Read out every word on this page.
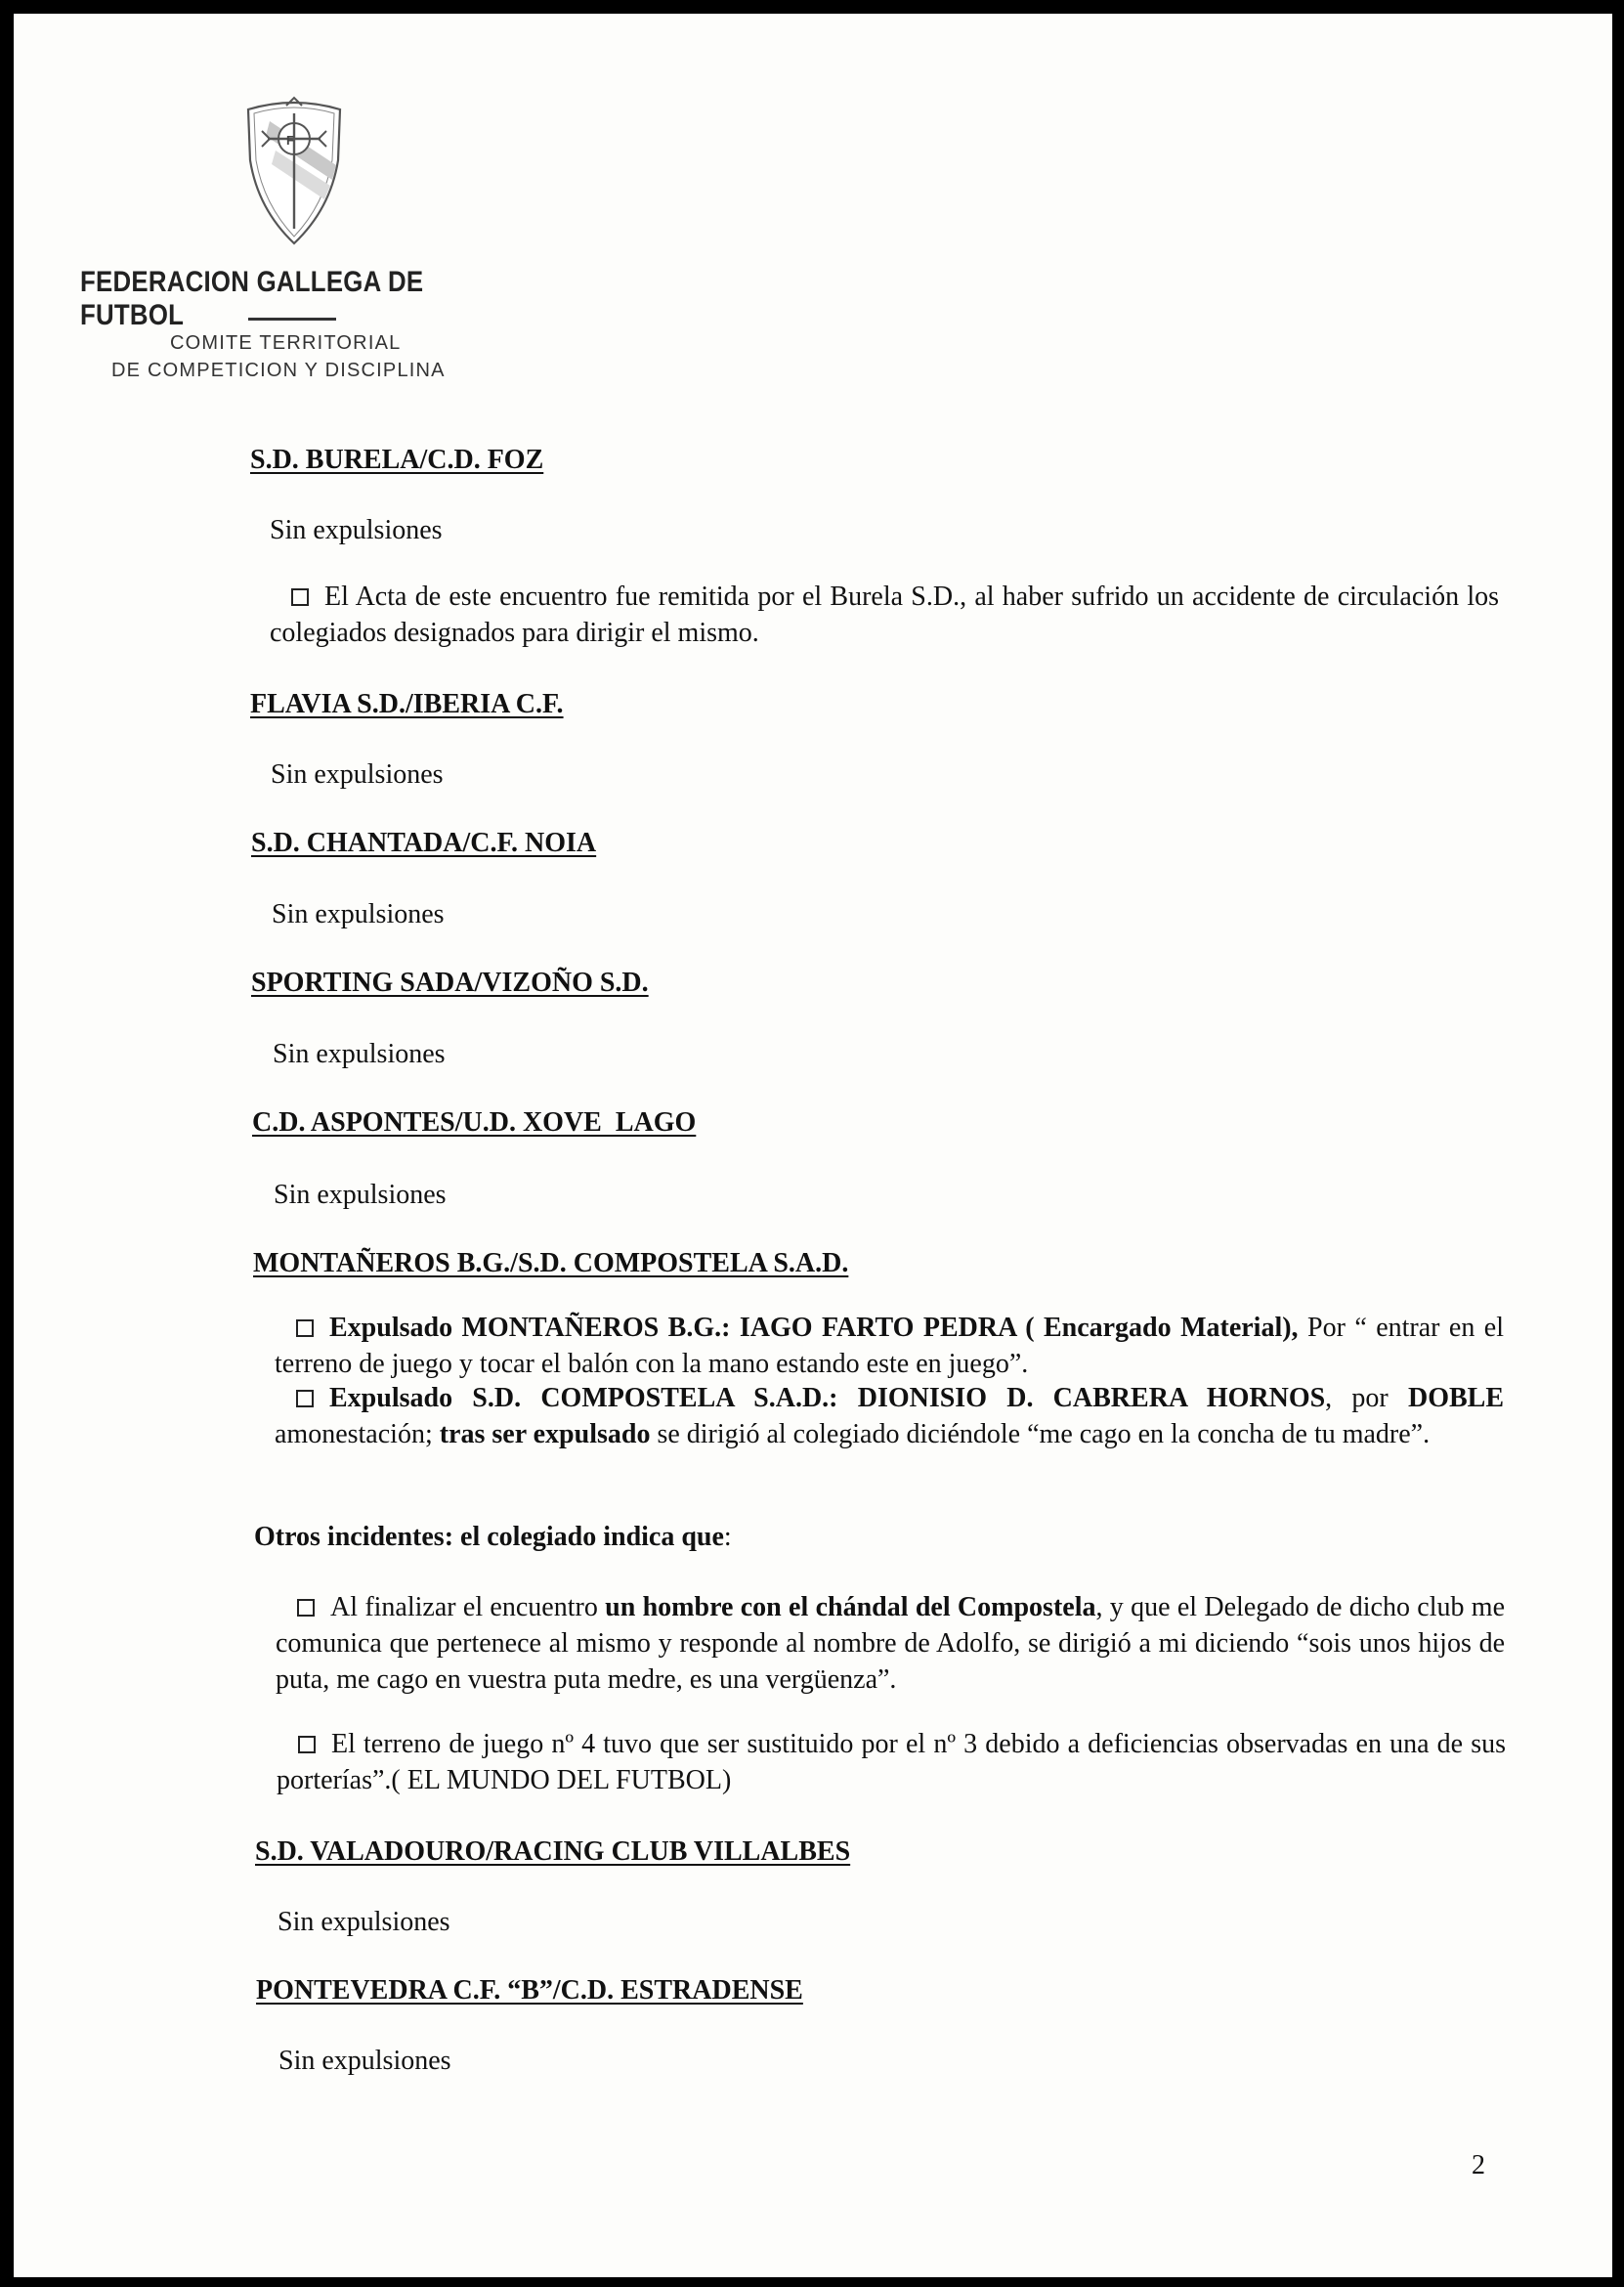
F
FEDERACION GALLEGA DE FUTBOL
COMITE TERRITORIAL
DE COMPETICION Y DISCIPLINA
S.D. BURELA/C.D. FOZ
Sin expulsiones
El Acta de este encuentro fue remitida por el Burela S.D., al haber sufrido un accidente de circulación los colegiados designados para dirigir el mismo.
FLAVIA S.D./IBERIA C.F.
Sin expulsiones
S.D. CHANTADA/C.F. NOIA
Sin expulsiones
SPORTING SADA/VIZOÑO S.D.
Sin expulsiones
C.D. ASPONTES/U.D. XOVE  LAGO
Sin expulsiones
MONTAÑEROS B.G./S.D. COMPOSTELA S.A.D.
Expulsado MONTAÑEROS B.G.: IAGO FARTO PEDRA ( Encargado Material), Por “ entrar en el terreno de juego y tocar el balón con la mano estando este en juego”.
Expulsado S.D. COMPOSTELA S.A.D.: DIONISIO D. CABRERA HORNOS, por DOBLE amonestación; tras ser expulsado se dirigió al colegiado diciéndole “me cago en la concha de tu madre”.
Otros incidentes: el colegiado indica que:
Al finalizar el encuentro un hombre con el chándal del Compostela, y que el Delegado de dicho club me comunica que pertenece al mismo y responde al nombre de Adolfo, se dirigió a mi diciendo “sois unos hijos de puta, me cago en vuestra puta medre, es una vergüenza”.
El terreno de juego nº 4 tuvo que ser sustituido por el nº 3 debido a deficiencias observadas en una de sus porterías”.( EL MUNDO DEL FUTBOL)
S.D. VALADOURO/RACING CLUB VILLALBES
Sin expulsiones
PONTEVEDRA C.F. “B”/C.D. ESTRADENSE
Sin expulsiones
2
